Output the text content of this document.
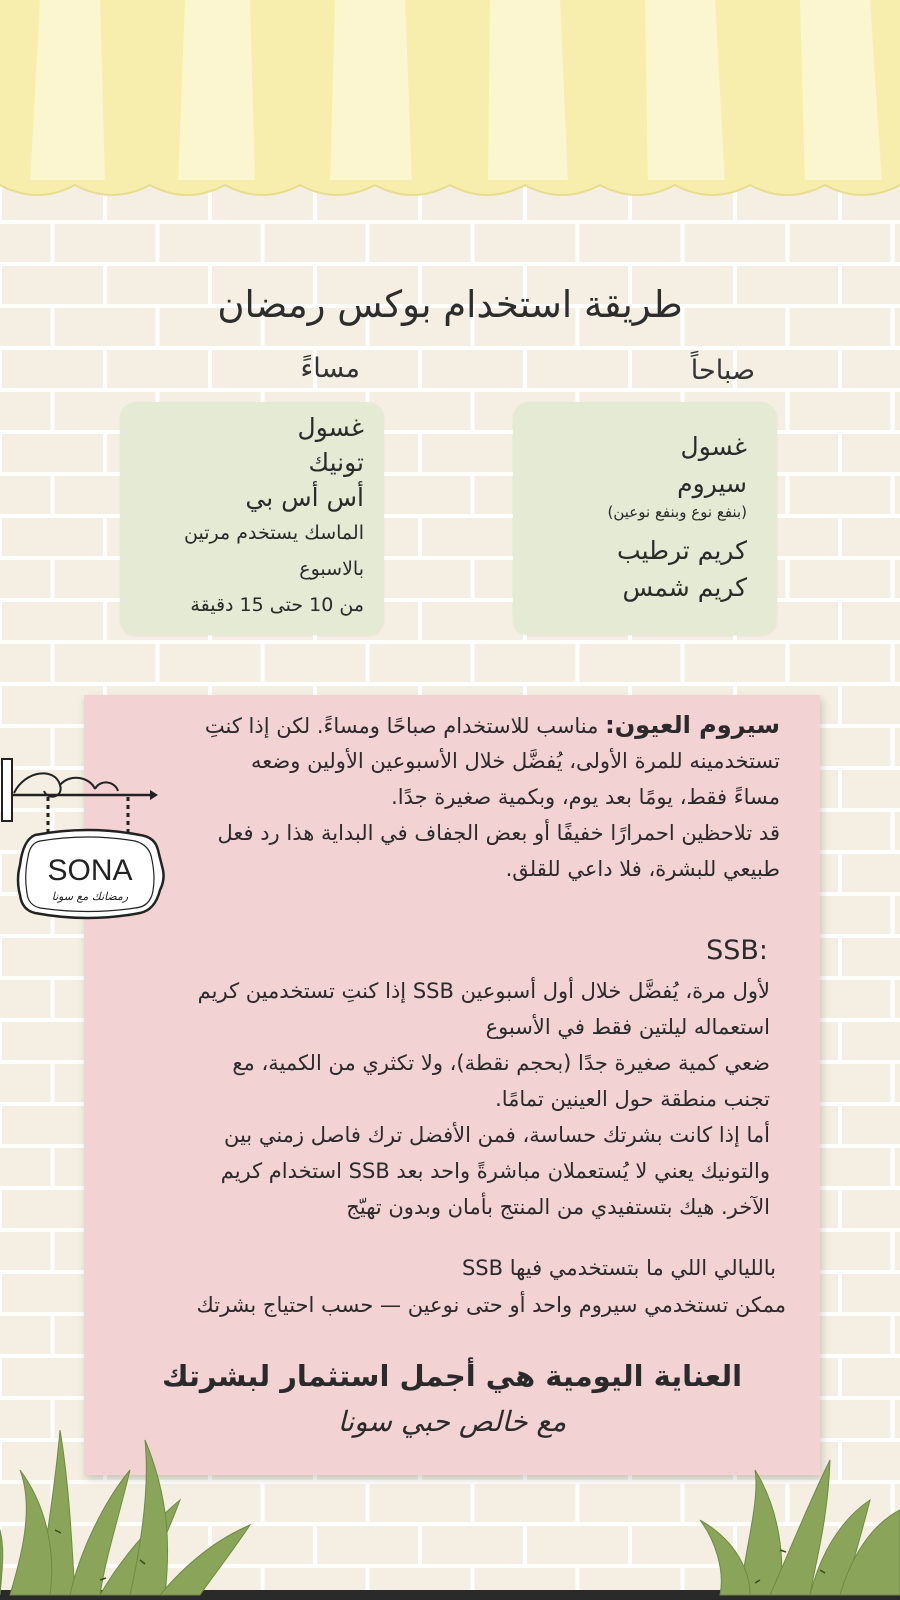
طريقة استخدام بوكس رمضان
صباحاً
مساءً
غسول
سيروم
(بنفع نوع وبنفع نوعين)
كريم ترطيب
كريم شمس
غسول
تونيك
أس أس بي
الماسك يستخدم مرتين
بالاسبوع
من 10 حتى 15 دقيقة
سيروم العيون: مناسب للاستخدام صباحًا ومساءً. لكن إذا كنتِ
تستخدمينه للمرة الأولى، يُفضَّل خلال الأسبوعين الأولين وضعه
مساءً فقط، يومًا بعد يوم، وبكمية صغيرة جدًا.
قد تلاحظين احمرارًا خفيفًا أو بعض الجفاف في البداية هذا رد فعل
طبيعي للبشرة، فلا داعي للقلق.
SSB:
لأول مرة، يُفضَّل خلال أول أسبوعين SSB إذا كنتِ تستخدمين كريم
استعماله ليلتين فقط في الأسبوع
ضعي كمية صغيرة جدًا (بحجم نقطة)، ولا تكثري من الكمية، مع
تجنب منطقة حول العينين تمامًا.
أما إذا كانت بشرتك حساسة، فمن الأفضل ترك فاصل زمني بين
والتونيك يعني لا يُستعملان مباشرةً واحد بعد SSB استخدام كريم
الآخر. هيك بتستفيدي من المنتج بأمان وبدون تهيّج
بالليالي اللي ما بتستخدمي فيها SSB
ممكن تستخدمي سيروم واحد أو حتى نوعين — حسب احتياج بشرتك
العناية اليومية هي أجمل استثمار لبشرتك
مع خالص حبي سونا
SONA
رمضانك مع سونا
